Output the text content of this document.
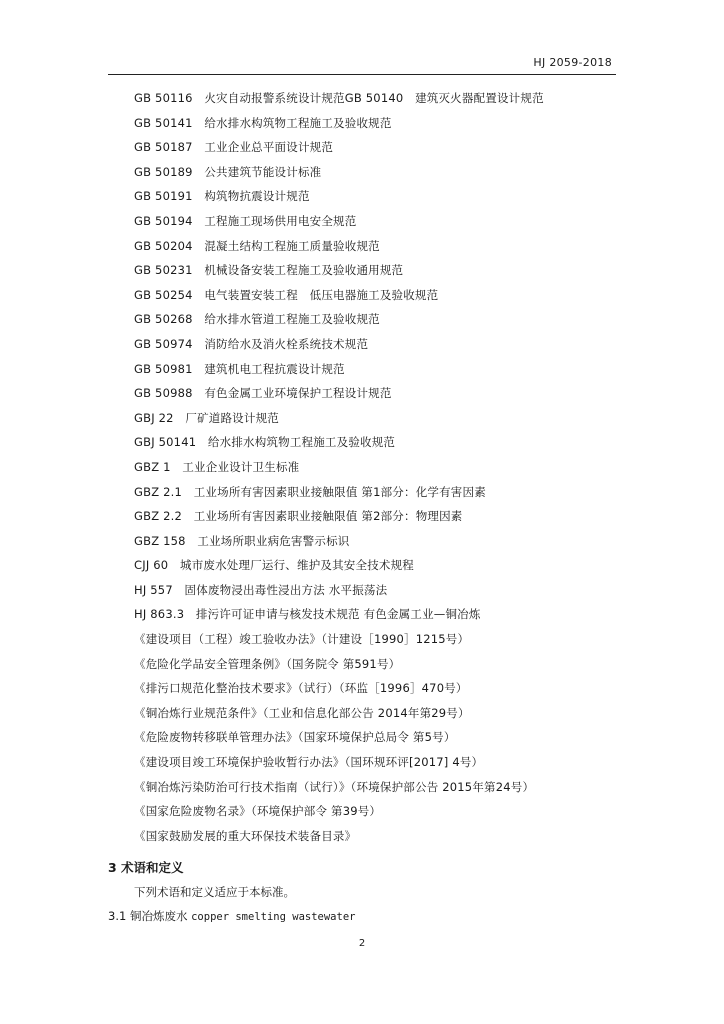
HJ 2059-2018
GB 50116　火灾自动报警系统设计规范GB 50140　建筑灭火器配置设计规范
GB 50141　给水排水构筑物工程施工及验收规范
GB 50187　工业企业总平面设计规范
GB 50189　公共建筑节能设计标准
GB 50191　构筑物抗震设计规范
GB 50194　工程施工现场供用电安全规范
GB 50204　混凝土结构工程施工质量验收规范
GB 50231　机械设备安装工程施工及验收通用规范
GB 50254　电气装置安装工程　低压电器施工及验收规范
GB 50268　给水排水管道工程施工及验收规范
GB 50974　消防给水及消火栓系统技术规范
GB 50981　建筑机电工程抗震设计规范
GB 50988　有色金属工业环境保护工程设计规范
GBJ 22　厂矿道路设计规范
GBJ 50141　给水排水构筑物工程施工及验收规范
GBZ 1　工业企业设计卫生标准
GBZ 2.1　工业场所有害因素职业接触限值 第1部分：化学有害因素
GBZ 2.2　工业场所有害因素职业接触限值 第2部分：物理因素
GBZ 158　工业场所职业病危害警示标识
CJJ 60　城市废水处理厂运行、维护及其安全技术规程
HJ 557　固体废物浸出毒性浸出方法 水平振荡法
HJ 863.3　排污许可证申请与核发技术规范 有色金属工业—铜冶炼
《建设项目（工程）竣工验收办法》（计建设［1990］1215号）
《危险化学品安全管理条例》（国务院令 第591号）
《排污口规范化整治技术要求》（试行）（环监［1996］470号）
《铜冶炼行业规范条件》（工业和信息化部公告 2014年第29号）
《危险废物转移联单管理办法》（国家环境保护总局令 第5号）
《建设项目竣工环境保护验收暂行办法》（国环规环评[2017] 4号）
《铜冶炼污染防治可行技术指南（试行）》（环境保护部公告 2015年第24号）
《国家危险废物名录》（环境保护部令 第39号）
《国家鼓励发展的重大环保技术装备目录》
3 术语和定义
下列术语和定义适应于本标准。
3.1 铜冶炼废水 copper smelting wastewater
2
